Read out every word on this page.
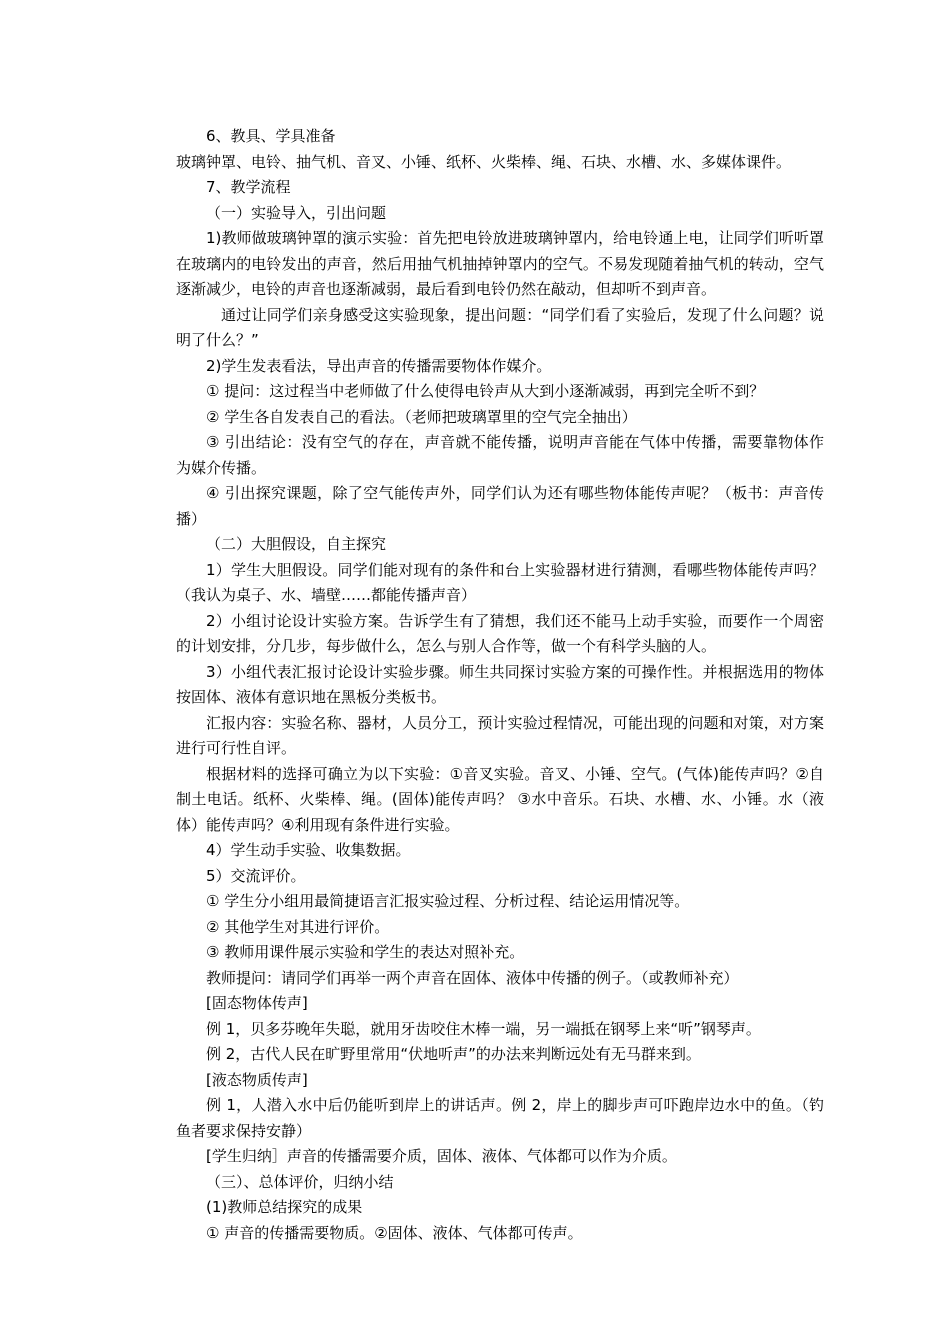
6、教具、学具准备

玻璃钟罩、电铃、抽气机、音叉、小锤、纸杯、火柴棒、绳、石块、水槽、水、多媒体课件。

7、教学流程

（一）实验导入，引出问题

1)教师做玻璃钟罩的演示实验：首先把电铃放进玻璃钟罩内，给电铃通上电，让同学们听听罩在玻璃内的电铃发出的声音，然后用抽气机抽掉钟罩内的空气。不易发现随着抽气机的转动，空气逐渐减少，电铃的声音也逐渐减弱，最后看到电铃仍然在敲动，但却听不到声音。

通过让同学们亲身感受这实验现象，提出问题：“同学们看了实验后，发现了什么问题？说明了什么？”

2)学生发表看法，导出声音的传播需要物体作媒介。

① 提问：这过程当中老师做了什么使得电铃声从大到小逐渐减弱，再到完全听不到？

② 学生各自发表自己的看法。（老师把玻璃罩里的空气完全抽出）

③ 引出结论：没有空气的存在，声音就不能传播，说明声音能在气体中传播，需要靠物体作为媒介传播。

④ 引出探究课题，除了空气能传声外，同学们认为还有哪些物体能传声呢？（板书：声音传播）

（二）大胆假设，自主探究

1）学生大胆假设。同学们能对现有的条件和台上实验器材进行猜测，看哪些物体能传声吗？（我认为桌子、水、墙壁……都能传播声音）

2）小组讨论设计实验方案。告诉学生有了猜想，我们还不能马上动手实验，而要作一个周密的计划安排，分几步，每步做什么，怎么与别人合作等，做一个有科学头脑的人。

3）小组代表汇报讨论设计实验步骤。师生共同探讨实验方案的可操作性。并根据选用的物体按固体、液体有意识地在黑板分类板书。

汇报内容：实验名称、器材，人员分工，预计实验过程情况，可能出现的问题和对策，对方案进行可行性自评。

根据材料的选择可确立为以下实验：①音叉实验。音叉、小锤、空气。(气体)能传声吗？②自制土电话。纸杯、火柴棒、绳。(固体)能传声吗？ ③水中音乐。石块、水槽、水、小锤。水（液体）能传声吗？④利用现有条件进行实验。

4）学生动手实验、收集数据。

5）交流评价。

① 学生分小组用最简捷语言汇报实验过程、分析过程、结论运用情况等。

② 其他学生对其进行评价。

③ 教师用课件展示实验和学生的表达对照补充。

教师提问：请同学们再举一两个声音在固体、液体中传播的例子。（或教师补充）

[固态物体传声]

例 1，贝多芬晚年失聪，就用牙齿咬住木棒一端，另一端抵在钢琴上来“听”钢琴声。

例 2，古代人民在旷野里常用“伏地听声”的办法来判断远处有无马群来到。

[液态物质传声]

例 1，人潜入水中后仍能听到岸上的讲话声。例 2，岸上的脚步声可吓跑岸边水中的鱼。（钓鱼者要求保持安静）

[学生归纳］声音的传播需要介质，固体、液体、气体都可以作为介质。

（三）、总体评价，归纳小结

(1)教师总结探究的成果

① 声音的传播需要物质。②固体、液体、气体都可传声。
